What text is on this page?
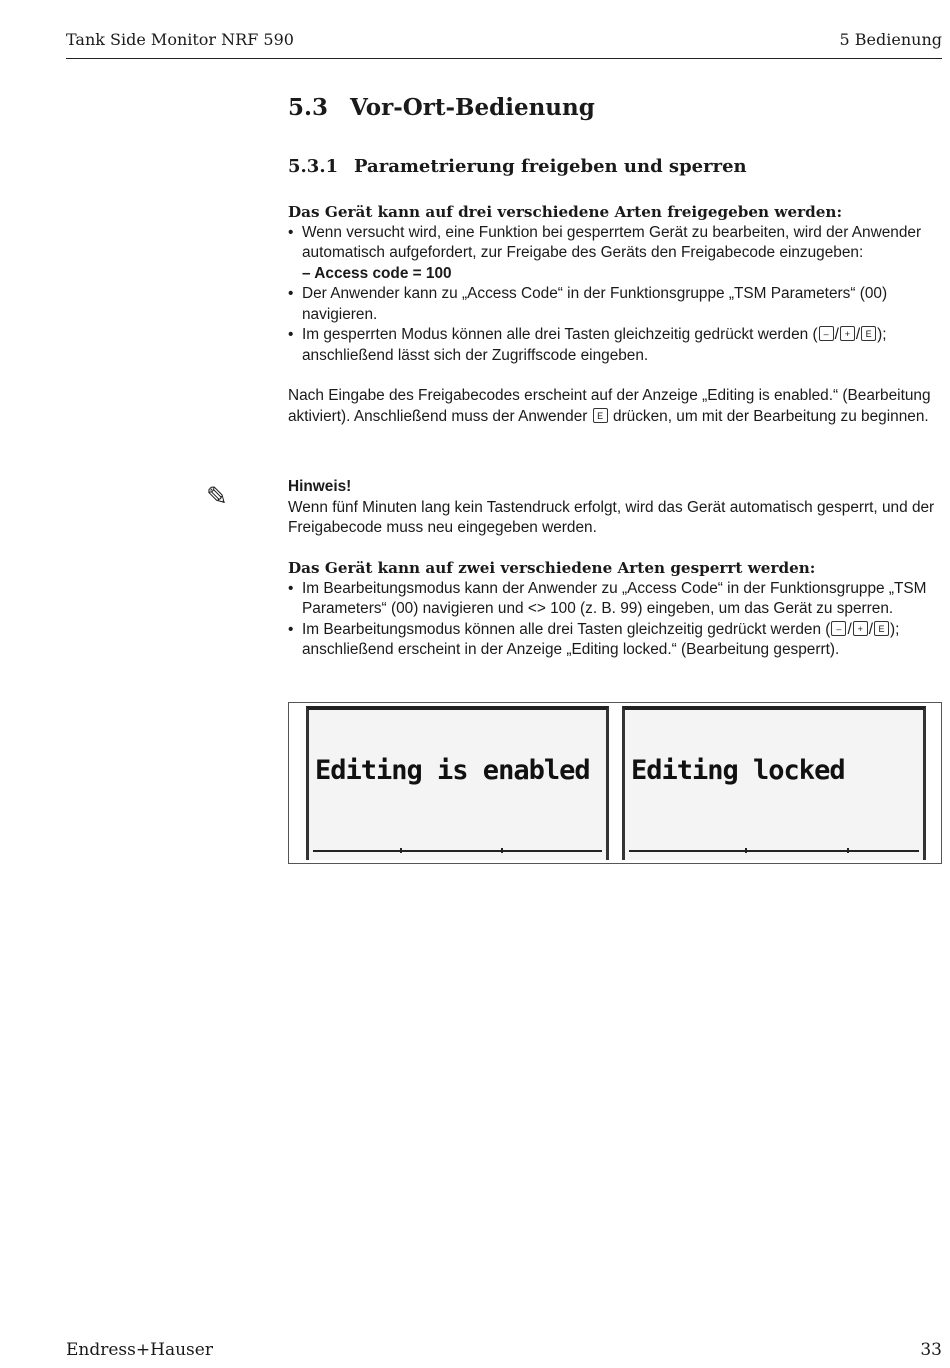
Tank Side Monitor NRF 590	5 Bedienung
5.3 Vor-Ort-Bedienung
5.3.1 Parametrierung freigeben und sperren
Das Gerät kann auf drei verschiedene Arten freigegeben werden:
• Wenn versucht wird, eine Funktion bei gesperrtem Gerät zu bearbeiten, wird der Anwender automatisch aufgefordert, zur Freigabe des Geräts den Freigabecode einzugeben:
– Access code = 100
• Der Anwender kann zu „Access Code“ in der Funktionsgruppe „TSM Parameters“ (00) navigieren.
• Im gesperrten Modus können alle drei Tasten gleichzeitig gedrückt werden ( – / + / E ); anschließend lässt sich der Zugriffscode eingeben.
Nach Eingabe des Freigabecodes erscheint auf der Anzeige „Editing is enabled.“ (Bearbeitung aktiviert). Anschließend muss der Anwender E drücken, um mit der Bearbeitung zu beginnen.
✎	Hinweis!
Wenn fünf Minuten lang kein Tastendruck erfolgt, wird das Gerät automatisch gesperrt, und der Freigabecode muss neu eingegeben werden.
Das Gerät kann auf zwei verschiedene Arten gesperrt werden:
• Im Bearbeitungsmodus kann der Anwender zu „Access Code“ in der Funktionsgruppe „TSM Parameters“ (00) navigieren und <> 100 (z. B. 99) eingeben, um das Gerät zu sperren.
• Im Bearbeitungsmodus können alle drei Tasten gleichzeitig gedrückt werden ( – / + / E ); anschließend erscheint in der Anzeige „Editing locked.“ (Bearbeitung gesperrt).
Editing is enabled Editing locked
Endress+Hauser	33
